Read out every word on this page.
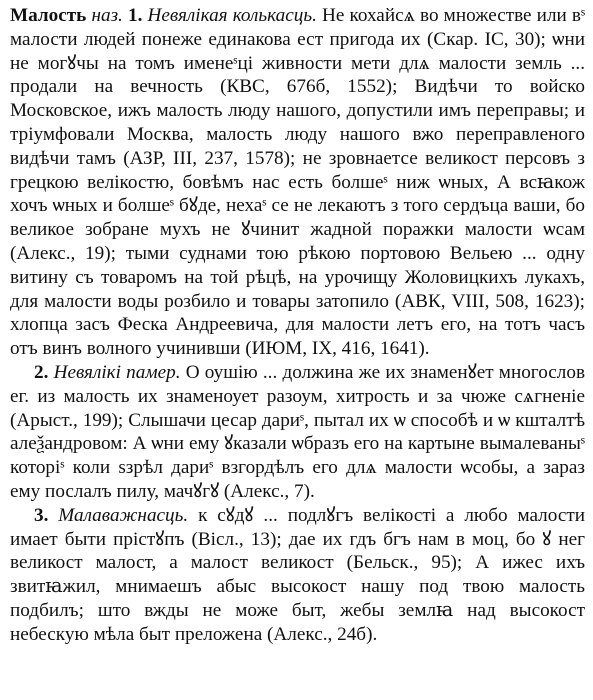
Малость наз. 1. Невялікая колькасць. Не кохайсѧ во множестве или вˢ малости людей понеже единакова ест пригода их (Скар. ІС, 30); ѡни не могꙋчы на томъ именеˢці живности мети длѧ малости земль ... продали на вечность (КВС, 676б, 1552); Видѣчи то войско Московское, ижъ малость люду нашого, допустили имъ переправы; и тріумфовали Москва, малость люду нашого вжо переправленого видѣчи тамъ (АЗР, III, 237, 1578); не зровнаетсе великост персовъ з грецкою велікостю, бовѣмъ нас есть болшеˢ ниж ѡных, А всꙗкож хочъ ѡных и болшеˢ бꙋде, нехаˢ се не лекаютъ з того сердъца ваши, бо великое зобране мухъ не ꙋчинит жадной поражки малости ѡсам (Алекс., 19); тыми суднами тою рѣкою портовою Вельею ... одну витину съ товаромъ на той рѣцѣ, на урочищу Жоловицкихъ лукахъ, для малости воды розбило и товары затопило (АВК, VIII, 508, 1623); хлопца засъ Феска Андреевича, для малости летъ его, на тотъ часъ отъ винъ волного учинивши (ИЮМ, IX, 416, 1641).

2. Невялікі памер. О оушію ... должина же их знаменꙋет многослов ег. из малость их знаменоует разоум, хитрость и за чюже сѧгненіе (Арыст., 199); Слышачи цесар дариˢ, пытал их ѡ способѣ и ѡ кшталтѣ алеѯандровом: А ѡни ему ꙋказали ѡбразъ его на картыне вымалеваныˢ которіˢ коли ѕзрѣл дариˢ взгордѣлъ его длѧ малости ѡсобы, а зараз ему послалъ пилу, мачꙋгꙋ (Алекс., 7).

3. Малаважнасць. к сꙋдꙋ ... подлꙋгъ велікості а любо малости имает быти прістꙋпъ (Вісл., 13); дае их гдъ бгъ нам в моц, бо ꙋ нег великост малост, а малост великост (Бельск., 95); А ижес ихъ звитꙗжил, мнимаешъ абыс высокост нашу под твою малость подбилъ; што вжды не може быт, жебы землꙗ над высокост небескую мѣла быт преложена (Алекс., 24б).
